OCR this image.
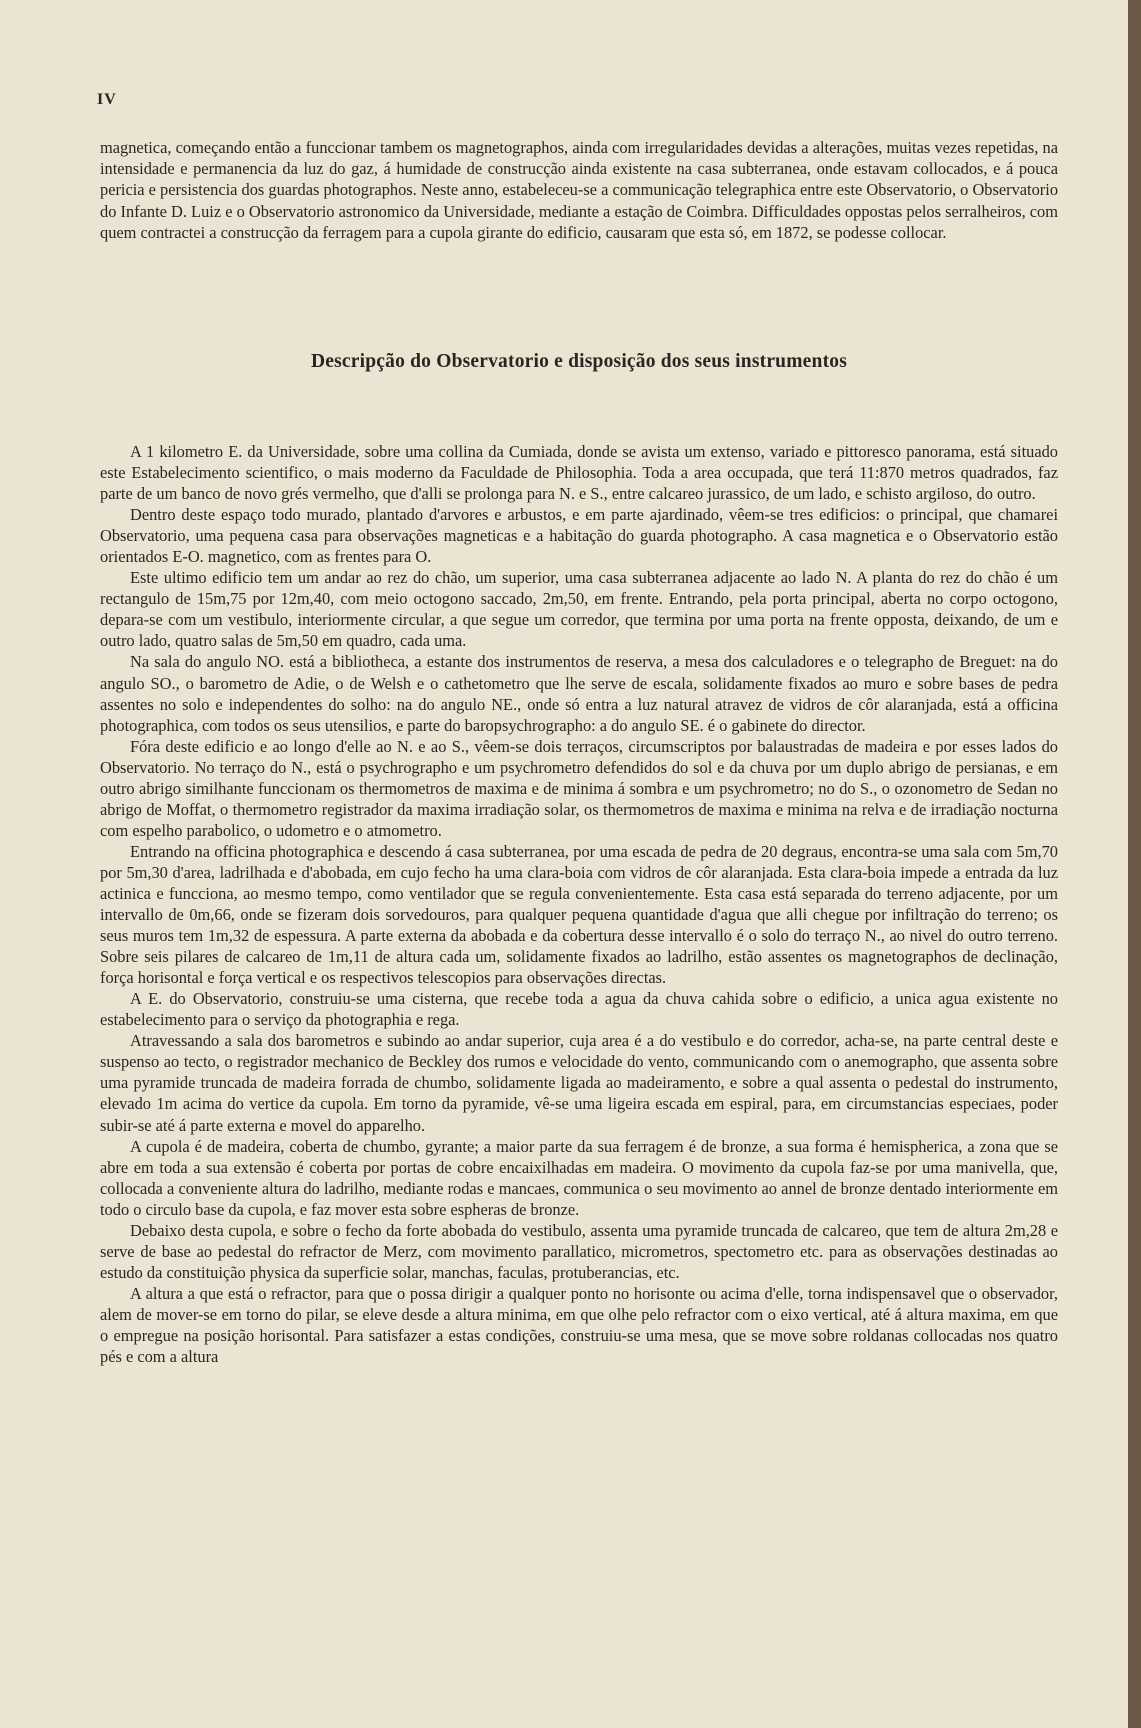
IV

magnetica, começando então a funccionar tambem os magnetographos, ainda com irregularidades devidas a alterações, muitas vezes repetidas, na intensidade e permanencia da luz do gaz, á humidade de construcção ainda existente na casa subterranea, onde estavam collocados, e á pouca pericia e persistencia dos guardas photographos. Neste anno, estabeleceu-se a communicação telegraphica entre este Observatorio, o Observatorio do Infante D. Luiz e o Observatorio astronomico da Universidade, mediante a estação de Coimbra. Difficuldades oppostas pelos serralheiros, com quem contractei a construcção da ferragem para a cupola girante do edificio, causaram que esta só, em 1872, se podesse collocar.

Descripção do Observatorio e disposição dos seus instrumentos

A 1 kilometro E. da Universidade, sobre uma collina da Cumiada, donde se avista um extenso, variado e pittoresco panorama, está situado este Estabelecimento scientifico, o mais moderno da Faculdade de Philosophia. Toda a area occupada, que terá 11:870 metros quadrados, faz parte de um banco de novo grés vermelho, que d'alli se prolonga para N. e S., entre calcareo jurassico, de um lado, e schisto argiloso, do outro.

Dentro deste espaço todo murado, plantado d'arvores e arbustos, e em parte ajardinado, vêem-se tres edificios: o principal, que chamarei Observatorio, uma pequena casa para observações magneticas e a habitação do guarda photographo. A casa magnetica e o Observatorio estão orientados E-O. magnetico, com as frentes para O.

Este ultimo edificio tem um andar ao rez do chão, um superior, uma casa subterranea adjacente ao lado N. A planta do rez do chão é um rectangulo de 15m,75 por 12m,40, com meio octogono saccado, 2m,50, em frente. Entrando, pela porta principal, aberta no corpo octogono, depara-se com um vestibulo, interiormente circular, a que segue um corredor, que termina por uma porta na frente opposta, deixando, de um e outro lado, quatro salas de 5m,50 em quadro, cada uma.

Na sala do angulo NO. está a bibliotheca, a estante dos instrumentos de reserva, a mesa dos calculadores e o telegrapho de Breguet: na do angulo SO., o barometro de Adie, o de Welsh e o cathetometro que lhe serve de escala, solidamente fixados ao muro e sobre bases de pedra assentes no solo e independentes do solho: na do angulo NE., onde só entra a luz natural atravez de vidros de côr alaranjada, está a officina photographica, com todos os seus utensilios, e parte do baropsychrographo: a do angulo SE. é o gabinete do director.

Fóra deste edificio e ao longo d'elle ao N. e ao S., vêem-se dois terraços, circumscriptos por balaustradas de madeira e por esses lados do Observatorio. No terraço do N., está o psychrographo e um psychrometro defendidos do sol e da chuva por um duplo abrigo de persianas, e em outro abrigo similhante funccionam os thermometros de maxima e de minima á sombra e um psychrometro; no do S., o ozonometro de Sedan no abrigo de Moffat, o thermometro registrador da maxima irradiação solar, os thermometros de maxima e minima na relva e de irradiação nocturna com espelho parabolico, o udometro e o atmometro.

Entrando na officina photographica e descendo á casa subterranea, por uma escada de pedra de 20 degraus, encontra-se uma sala com 5m,70 por 5m,30 d'area, ladrilhada e d'abobada, em cujo fecho ha uma clara-boia com vidros de côr alaranjada. Esta clara-boia impede a entrada da luz actinica e funcciona, ao mesmo tempo, como ventilador que se regula convenientemente. Esta casa está separada do terreno adjacente, por um intervallo de 0m,66, onde se fizeram dois sorvedouros, para qualquer pequena quantidade d'agua que alli chegue por infiltração do terreno; os seus muros tem 1m,32 de espessura. A parte externa da abobada e da cobertura desse intervallo é o solo do terraço N., ao nivel do outro terreno. Sobre seis pilares de calcareo de 1m,11 de altura cada um, solidamente fixados ao ladrilho, estão assentes os magnetographos de declinação, força horisontal e força vertical e os respectivos telescopios para observações directas.

A E. do Observatorio, construiu-se uma cisterna, que recebe toda a agua da chuva cahida sobre o edificio, a unica agua existente no estabelecimento para o serviço da photographia e rega.

Atravessando a sala dos barometros e subindo ao andar superior, cuja area é a do vestibulo e do corredor, acha-se, na parte central deste e suspenso ao tecto, o registrador mechanico de Beckley dos rumos e velocidade do vento, communicando com o anemographo, que assenta sobre uma pyramide truncada de madeira forrada de chumbo, solidamente ligada ao madeiramento, e sobre a qual assenta o pedestal do instrumento, elevado 1m acima do vertice da cupola. Em torno da pyramide, vê-se uma ligeira escada em espiral, para, em circumstancias especiaes, poder subir-se até á parte externa e movel do apparelho.

A cupola é de madeira, coberta de chumbo, gyrante; a maior parte da sua ferragem é de bronze, a sua forma é hemispherica, a zona que se abre em toda a sua extensão é coberta por portas de cobre encaixilhadas em madeira. O movimento da cupola faz-se por uma manivella, que, collocada a conveniente altura do ladrilho, mediante rodas e mancaes, communica o seu movimento ao annel de bronze dentado interiormente em todo o circulo base da cupola, e faz mover esta sobre espheras de bronze.

Debaixo desta cupola, e sobre o fecho da forte abobada do vestibulo, assenta uma pyramide truncada de calcareo, que tem de altura 2m,28 e serve de base ao pedestal do refractor de Merz, com movimento parallatico, micrometros, spectometro etc. para as observações destinadas ao estudo da constituição physica da superficie solar, manchas, faculas, protuberancias, etc.

A altura a que está o refractor, para que o possa dirigir a qualquer ponto no horisonte ou acima d'elle, torna indispensavel que o observador, alem de mover-se em torno do pilar, se eleve desde a altura minima, em que olhe pelo refractor com o eixo vertical, até á altura maxima, em que o empregue na posição horisontal. Para satisfazer a estas condições, construiu-se uma mesa, que se move sobre roldanas collocadas nos quatro pés e com a altura
